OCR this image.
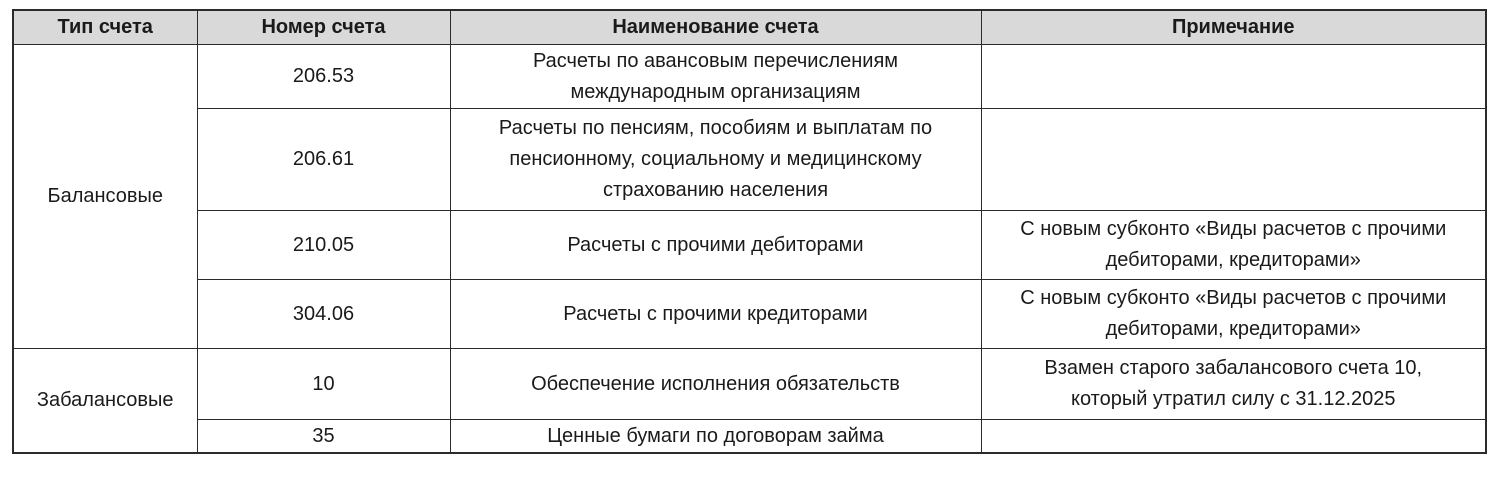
Тип счета	Номер счета	Наименование счета	Примечание
Балансовые	206.53	Расчеты по авансовым перечислениям
международным организациям	

	206.61	Расчеты по пенсиям, пособиям и выплатам по
пенсионному, социальному и медицинскому
страхованию населения	

	210.05	Расчеты с прочими дебиторами	С новым субконто «Виды расчетов с прочими
дебиторами, кредиторами»

	304.06	Расчеты с прочими кредиторами	С новым субконто «Виды расчетов с прочими
дебиторами, кредиторами»

Забалансовые	10	Обеспечение исполнения обязательств	Взамен старого забалансового счета 10,
который утратил силу с 31.12.2025

	35	Ценные бумаги по договорам займа	
